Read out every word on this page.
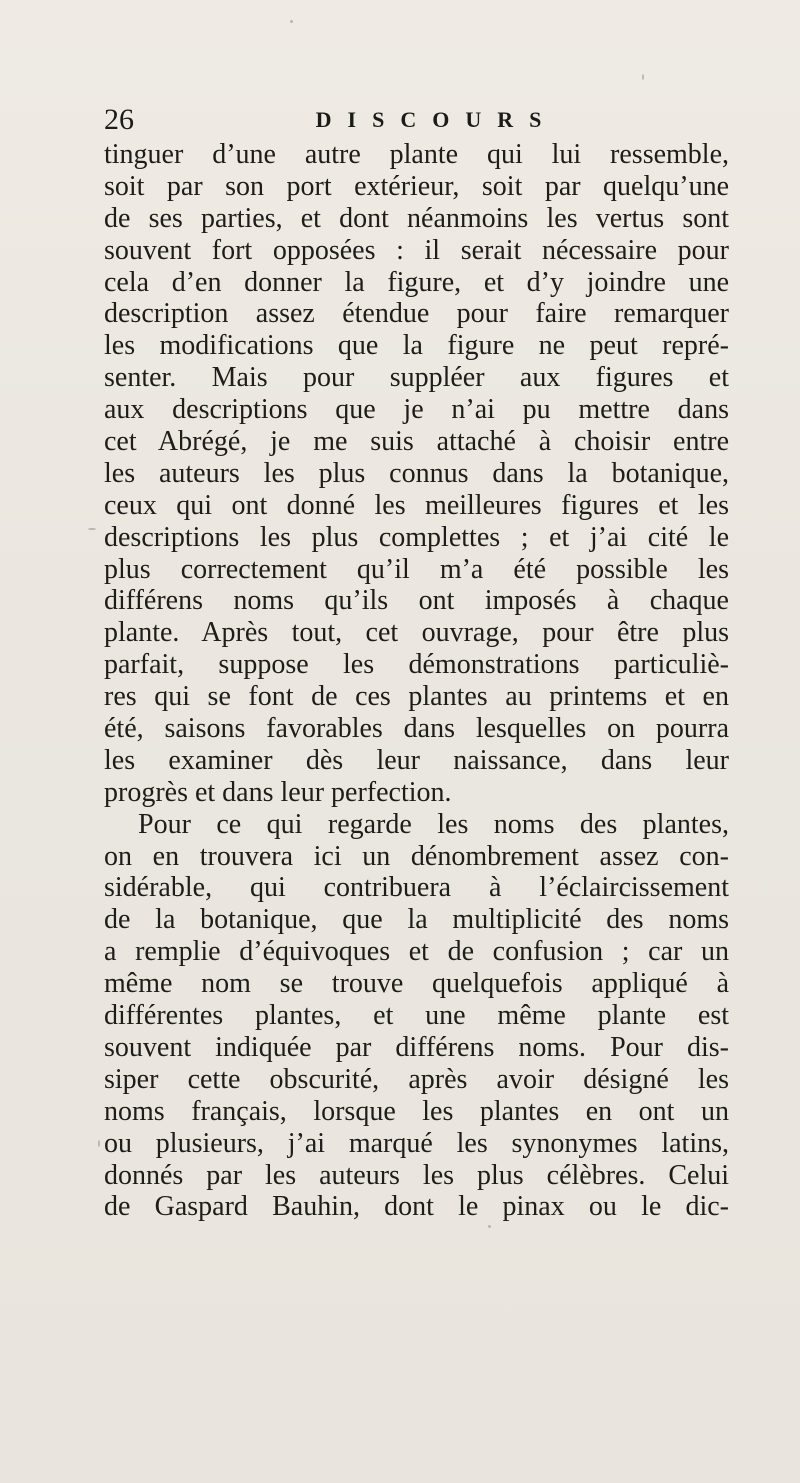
26	DISCOURS
tinguer d’une autre plante qui lui ressemble,
soit par son port extérieur, soit par quelqu’une
de ses parties, et dont néanmoins les vertus sont
souvent fort opposées : il serait nécessaire pour
cela d’en donner la figure, et d’y joindre une
description assez étendue pour faire remarquer
les modifications que la figure ne peut repré-
senter. Mais pour suppléer aux figures et
aux descriptions que je n’ai pu mettre dans
cet Abrégé, je me suis attaché à choisir entre
les auteurs les plus connus dans la botanique,
ceux qui ont donné les meilleures figures et les
descriptions les plus complettes ; et j’ai cité le
plus correctement qu’il m’a été possible les
différens noms qu’ils ont imposés à chaque
plante. Après tout, cet ouvrage, pour être plus
parfait, suppose les démonstrations particuliè-
res qui se font de ces plantes au printems et en
été, saisons favorables dans lesquelles on pourra
les examiner dès leur naissance, dans leur
progrès et dans leur perfection.
Pour ce qui regarde les noms des plantes,
on en trouvera ici un dénombrement assez con-
sidérable, qui contribuera à l’éclaircissement
de la botanique, que la multiplicité des noms
a remplie d’équivoques et de confusion ; car un
même nom se trouve quelquefois appliqué à
différentes plantes, et une même plante est
souvent indiquée par différens noms. Pour dis-
siper cette obscurité, après avoir désigné les
noms français, lorsque les plantes en ont un
ou plusieurs, j’ai marqué les synonymes latins,
donnés par les auteurs les plus célèbres. Celui
de Gaspard Bauhin, dont le pinax ou le dic-
